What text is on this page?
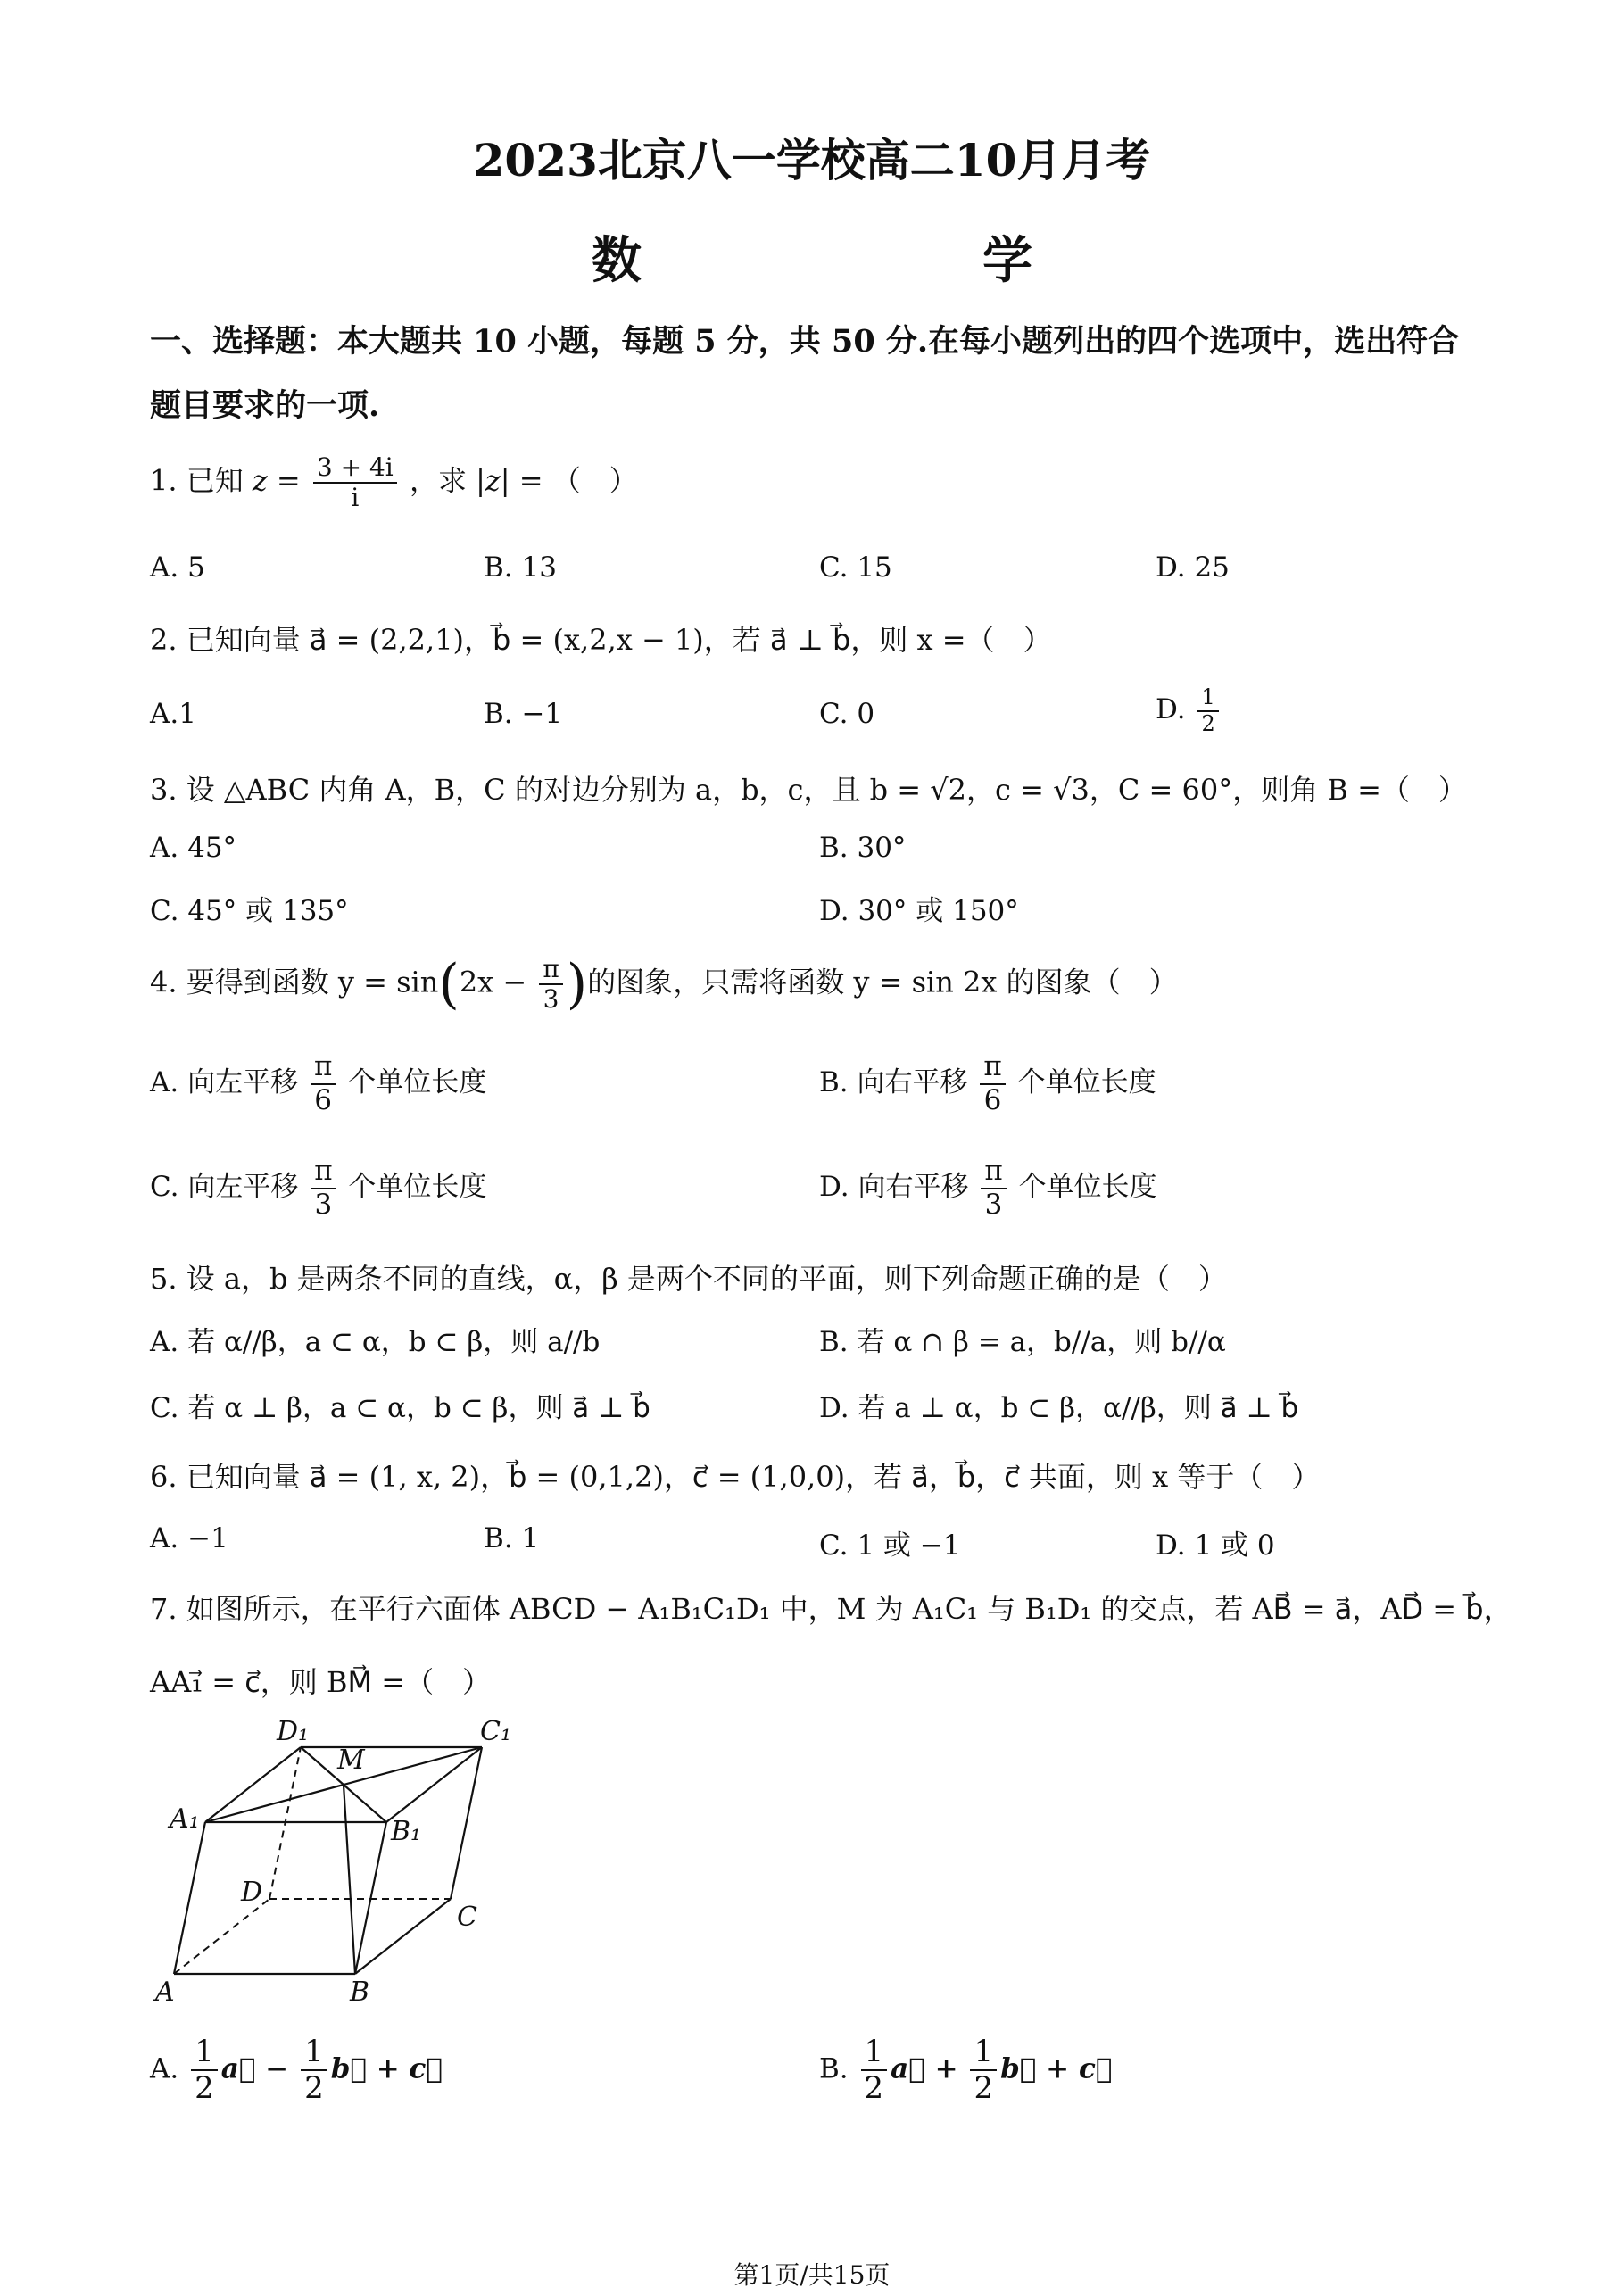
2023北京八一学校高二10月月考
数　　学
一、选择题：本大题共 10 小题，每题 5 分，共 50 分.在每小题列出的四个选项中，选出符合
题目要求的一项.
1. 已知 $z = \frac{3 + 4i}{i}$ ，求 |z| = （　）
A. 5	B. 13	C. 15	D. 25
2. 已知向量 a⃗ = (2,2,1)，b⃗ = (x,2,x − 1)，若 a⃗ ⊥ b⃗，则 x =（　）
A.1	B. −1	C. 0	D. $\frac{1}{2}$
3. 设 △ABC 内角 A，B，C 的对边分别为 a，b，c，且 b = √2，c = √3，C = 60°，则角 B =（　）
A. 45°	B. 30°
C. 45° 或 135°	D. 30° 或 150°
4. 要得到函数 $y = \sin(2x - \frac{\pi}{3}$ )的图象，只需将函数 y = sin 2x 的图象（　）
A. 向左平移 $\frac{\pi}{6}$ 个单位长度	B. 向右平移 $\frac{\pi}{6}$ 个单位长度
C. 向左平移 $\frac{\pi}{3}$ 个单位长度	D. 向右平移 $\frac{\pi}{3}$ 个单位长度
5. 设 a，b 是两条不同的直线，α，β 是两个不同的平面，则下列命题正确的是（　）
A. 若 α//β，a ⊂ α，b ⊂ β，则 a//b	B. 若 α ∩ β = a，b//a，则 b//α
C. 若 α ⊥ β，a ⊂ α，b ⊂ β，则 a⃗ ⊥ b⃗	D. 若 a ⊥ α，b ⊂ β，α//β，则 a⃗ ⊥ b⃗
6. 已知向量 a⃗ = (1, x, 2)，b⃗ = (0,1,2)，c⃗ = (1,0,0)，若 a⃗，b⃗，c⃗ 共面，则 x 等于（　）
A. −1	B. 1	C. 1 或 −1	D. 1 或 0
7. 如图所示，在平行六面体 ABCD − A₁B₁C₁D₁ 中，M 为 A₁C₁ 与 B₁D₁ 的交点，若 AB⃗ = a⃗，AD⃗ = b⃗，
AA₁⃗ = c⃗，则 BM⃗ =（　）
D₁
M
C₁
A₁	B₁
D
C
A	B
A. $\frac{1}{2}$ a⃗ − $\frac{1}{2}$ b⃗ + c⃗	B. $\frac{1}{2}$ a⃗ + $\frac{1}{2}$ b⃗ + c⃗
第1页/共15页
